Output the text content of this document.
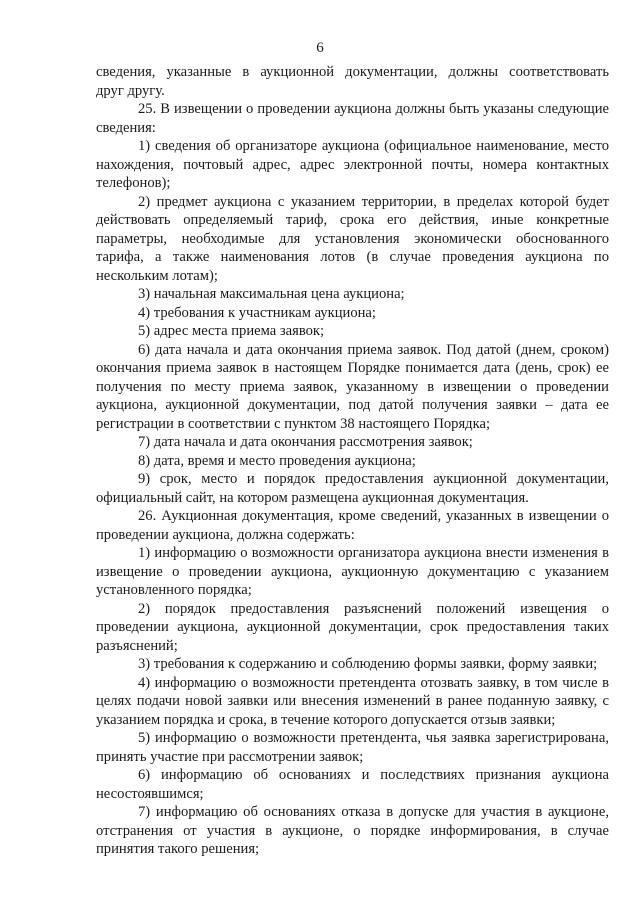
6
сведения, указанные в аукционной документации, должны соответствовать
друг другу.
25. В извещении о проведении аукциона должны быть указаны следующие
сведения:
1) сведения об организаторе аукциона (официальное наименование, место
нахождения, почтовый адрес, адрес электронной почты, номера контактных
телефонов);
2) предмет аукциона с указанием территории, в пределах которой будет
действовать определяемый тариф, срока его действия, иные конкретные
параметры, необходимые для установления экономически обоснованного
тарифа, а также наименования лотов (в случае проведения аукциона по
нескольким лотам);
3) начальная максимальная цена аукциона;
4) требования к участникам аукциона;
5) адрес места приема заявок;
6) дата начала и дата окончания приема заявок. Под датой (днем, сроком)
окончания приема заявок в настоящем Порядке понимается дата (день, срок) ее
получения по месту приема заявок, указанному в извещении о проведении
аукциона, аукционной документации, под датой получения заявки – дата ее
регистрации в соответствии с пунктом 38 настоящего Порядка;
7) дата начала и дата окончания рассмотрения заявок;
8) дата, время и место проведения аукциона;
9) срок, место и порядок предоставления аукционной документации,
официальный сайт, на котором размещена аукционная документация.
26. Аукционная документация, кроме сведений, указанных в извещении о
проведении аукциона, должна содержать:
1) информацию о возможности организатора аукциона внести изменения в
извещение о проведении аукциона, аукционную документацию с указанием
установленного порядка;
2) порядок предоставления разъяснений положений извещения о
проведении аукциона, аукционной документации, срок предоставления таких
разъяснений;
3) требования к содержанию и соблюдению формы заявки, форму заявки;
4) информацию о возможности претендента отозвать заявку, в том числе в
целях подачи новой заявки или внесения изменений в ранее поданную заявку, с
указанием порядка и срока, в течение которого допускается отзыв заявки;
5) информацию о возможности претендента, чья заявка зарегистрирована,
принять участие при рассмотрении заявок;
6) информацию об основаниях и последствиях признания аукциона
несостоявшимся;
7) информацию об основаниях отказа в допуске для участия в аукционе,
отстранения от участия в аукционе, о порядке информирования, в случае
принятия такого решения;
